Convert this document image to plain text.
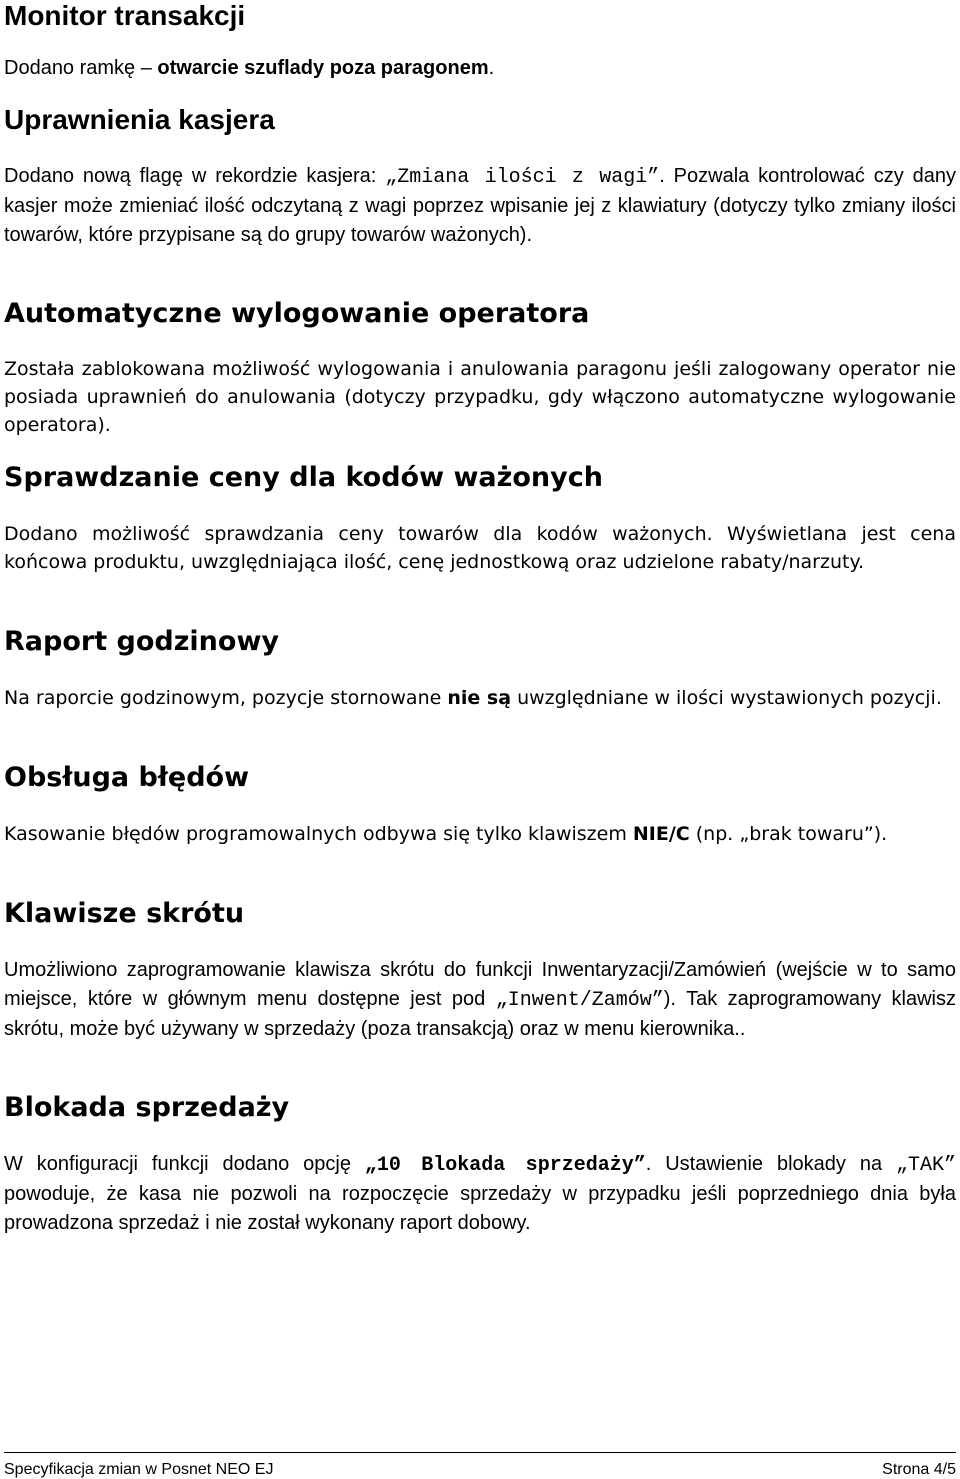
Monitor transakcji

Dodano ramkę – otwarcie szuflady poza paragonem.

Uprawnienia kasjera

Dodano nową flagę w rekordzie kasjera: „Zmiana ilości z wagi”. Pozwala kontrolować czy dany kasjer może zmieniać ilość odczytaną z wagi poprzez wpisanie jej z klawiatury (dotyczy tylko zmiany ilości towarów, które przypisane są do grupy towarów ważonych).

Automatyczne wylogowanie operatora

Została zablokowana możliwość wylogowania i anulowania paragonu jeśli zalogowany operator nie posiada uprawnień do anulowania (dotyczy przypadku, gdy włączono automatyczne wylogowanie operatora).

Sprawdzanie ceny dla kodów ważonych

Dodano możliwość sprawdzania ceny towarów dla kodów ważonych. Wyświetlana jest cena końcowa produktu, uwzględniająca ilość, cenę jednostkową oraz udzielone rabaty/narzuty.

Raport godzinowy

Na raporcie godzinowym, pozycje stornowane nie są uwzględniane w ilości wystawionych pozycji.

Obsługa błędów

Kasowanie błędów programowalnych odbywa się tylko klawiszem NIE/C (np. „brak towaru”).

Klawisze skrótu

Umożliwiono zaprogramowanie klawisza skrótu do funkcji Inwentaryzacji/Zamówień (wejście w to samo miejsce, które w głównym menu dostępne jest pod „Inwent/Zamów”). Tak zaprogramowany klawisz skrótu, może być używany w sprzedaży (poza transakcją) oraz w menu kierownika..

Blokada sprzedaży

W konfiguracji funkcji dodano opcję „10 Blokada sprzedaży”. Ustawienie blokady na „TAK” powoduje, że kasa nie pozwoli na rozpoczęcie sprzedaży w przypadku jeśli poprzedniego dnia była prowadzona sprzedaż i nie został wykonany raport dobowy.

Specyfikacja zmian w Posnet NEO EJ	Strona 4/5
